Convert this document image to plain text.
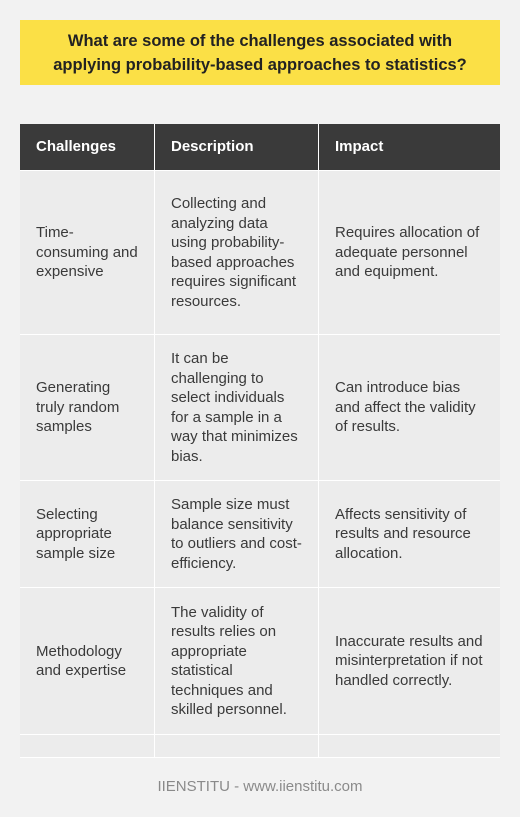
What are some of the challenges associated with applying probability-based approaches to statistics?
Challenges	Description	Impact
Time-consuming and expensive
Collecting and analyzing data using probability-based approaches requires significant resources.
Requires allocation of adequate personnel and equipment.
Generating truly random samples
It can be challenging to select individuals for a sample in a way that minimizes bias.
Can introduce bias and affect the validity of results.
Selecting appropriate sample size
Sample size must balance sensitivity to outliers and cost-efficiency.
Affects sensitivity of results and resource allocation.
Methodology and expertise
The validity of results relies on appropriate statistical techniques and skilled personnel.
Inaccurate results and misinterpretation if not handled correctly.
IIENSTITU - www.iienstitu.com
